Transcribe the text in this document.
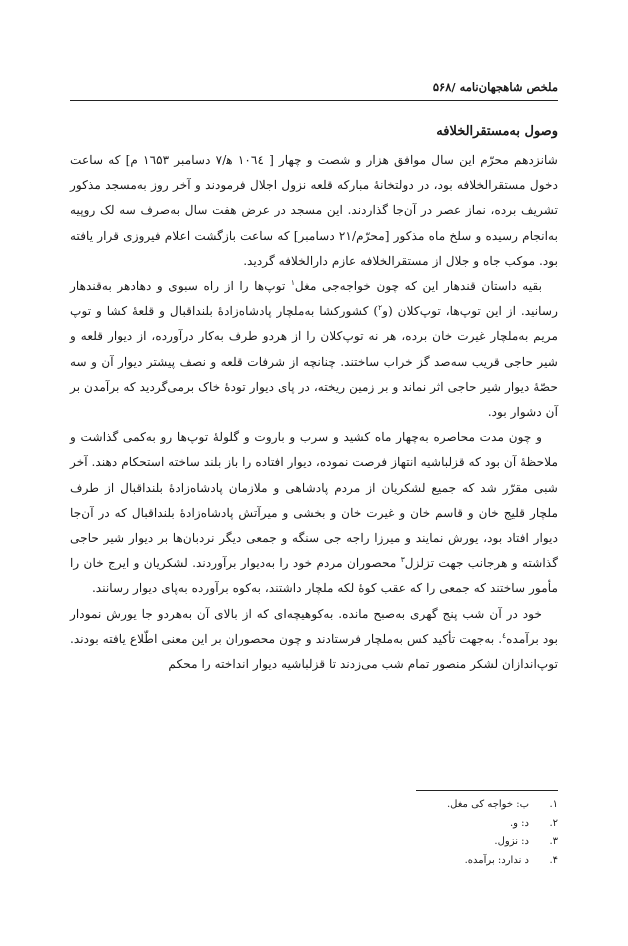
ملخص شاهجهان‌نامه /۵۶۸
وصول به‌مستقرالخلافه

شانزدهم محرّم این سال موافق هزار و شصت و چهار [ ۱۰٦٤ ه‍/۷ دسامبر ۱٦۵۳ م] که ساعت دخول مستقرالخلافه بود، در دولتخانهٔ مبارکه قلعه نزول اجلال فرمودند و آخر روز به‌مسجد مذکور تشریف برده، نماز عصر در آن‌جا گذاردند. این مسجد در عرض هفت سال به‌صرف سه لک روپیه به‌انجام رسیده و سلخ ماه مذکور [محرّم/۲۱ دسامبر] که ساعت بازگشت اعلام فیروزی قرار یافته بود. موکب جاه و جلال از مستقرالخلافه عازم دارالخلافه گردید.

بقیه داستان قندهار این که چون خواجه‌جی مغل$^۱$ توپ‌ها را از راه سبوی و دهادهر به‌قندهار رسانید. از این توپ‌ها، توپ‌کلان (و$^۲$) کشورکشا به‌ملچار پادشاه‌زادهٔ بلنداقبال و قلعهٔ کشا و توپ مریم به‌ملچار غیرت خان برده، هر نه توپ‌کلان را از هردو طرف به‌کار درآورده، از دیوار قلعه و شیر حاجی قریب سه‌صد گز خراب ساختند. چنانچه از شرفات قلعه و نصف پیشتر دیوار آن و سه حصّهٔ دیوار شیر حاجی اثر نماند و بر زمین ریخته، در پای دیوار تودهٔ خاک برمی‌گردید که برآمدن بر آن دشوار بود.

و چون مدت محاصره به‌چهار ماه کشید و سرب و باروت و گلولهٔ توپ‌ها رو به‌کمی گذاشت و ملاحظهٔ آن بود که قزلباشیه انتهاز فرصت نموده، دیوار افتاده را باز بلند ساخته استحکام دهند. آخر شبی مقرّر شد که جمیع لشکریان از مردم پادشاهی و ملازمان پادشاه‌زادهٔ بلنداقبال از طرف ملچار قلیج خان و قاسم خان و غیرت خان و بخشی و میرآتش پادشاه‌زادهٔ بلنداقبال که در آن‌جا دیوار افتاد بود، یورش نمایند و میرزا راجه جی سنگه و جمعی دیگر نردبان‌ها بر دیوار شیر حاجی گذاشته و هرجانب جهت تزلزل$^۳$ محصوران مردم خود را به‌دیوار برآوردند. لشکریان و ایرج خان را مأمور ساختند که جمعی را که عقب کوهٔ لکه ملچار داشتند، به‌کوه برآورده به‌پای دیوار رسانند.

خود در آن شب پنج گهری به‌صبح مانده. به‌کوهیچه‌ای که از بالای آن به‌هردو جا یورش نمودار بود برآمده$^٤$. به‌جهت تأکید کس به‌ملچار فرستادند و چون محصوران بر این معنی اطّلاع یافته بودند. توپ‌اندازان لشکر منصور تمام شب می‌زدند تا قزلباشیه دیوار انداخته را محکم

۱.
ب: خواجه کی مغل.
۲.
د: و.
۳.
د: نزول.
۴.
د ندارد: برآمده.
